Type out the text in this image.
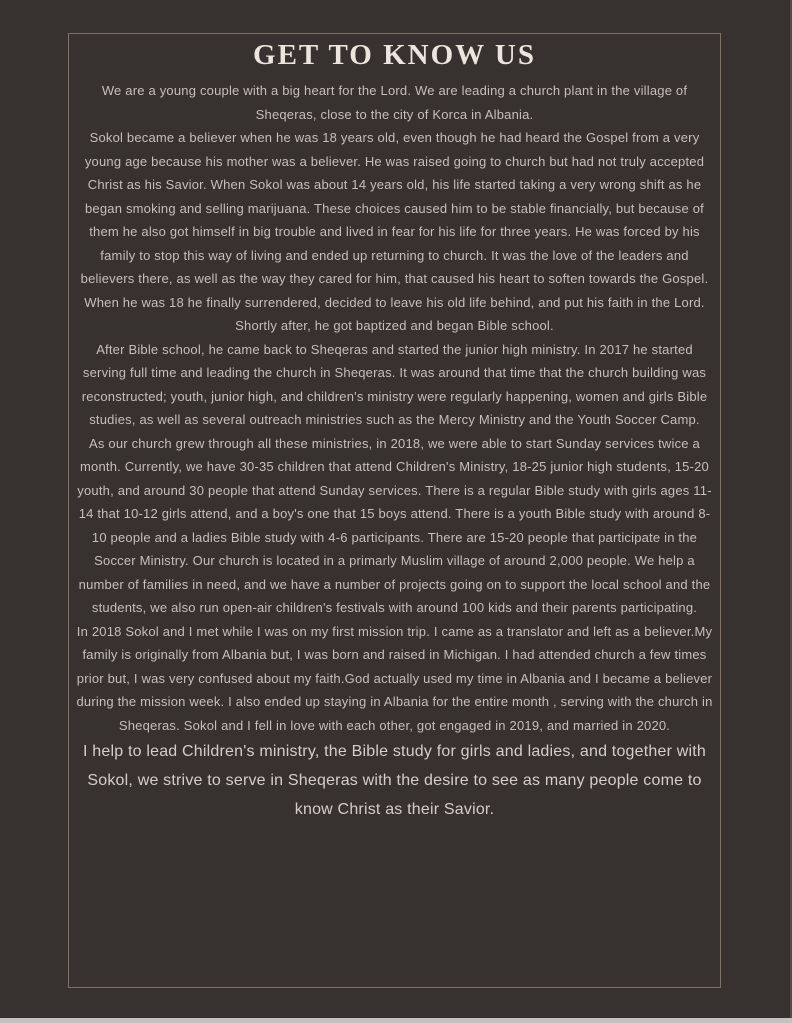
GET TO KNOW US

We are a young couple with a big heart for the Lord. We are leading a church plant in the village of Sheqeras, close to the city of Korca in Albania.

Sokol became a believer when he was 18 years old, even though he had heard the Gospel from a very young age because his mother was a believer. He was raised going to church but had not truly accepted Christ as his Savior. When Sokol was about 14 years old, his life started taking a very wrong shift as he began smoking and selling marijuana. These choices caused him to be stable financially, but because of them he also got himself in big trouble and lived in fear for his life for three years. He was forced by his family to stop this way of living and ended up returning to church. It was the love of the leaders and believers there, as well as the way they cared for him, that caused his heart to soften towards the Gospel. When he was 18 he finally surrendered, decided to leave his old life behind, and put his faith in the Lord. Shortly after, he got baptized and began Bible school.

After Bible school, he came back to Sheqeras and started the junior high ministry. In 2017 he started serving full time and leading the church in Sheqeras. It was around that time that the church building was reconstructed; youth, junior high, and children's ministry were regularly happening, women and girls Bible studies, as well as several outreach ministries such as the Mercy Ministry and the Youth Soccer Camp.

As our church grew through all these ministries, in 2018, we were able to start Sunday services twice a month. Currently, we have 30-35 children that attend Children's Ministry, 18-25 junior high students, 15-20 youth, and around 30 people that attend Sunday services. There is a regular Bible study with girls ages 11-14 that 10-12 girls attend, and a boy's one that 15 boys attend. There is a youth Bible study with around 8-10 people and a ladies Bible study with 4-6 participants. There are 15-20 people that participate in the Soccer Ministry. Our church is located in a primarly Muslim village of around 2,000 people. We help a number of families in need, and we have a number of projects going on to support the local school and the students, we also run open-air children's festivals with around 100 kids and their parents participating.

In 2018 Sokol and I met while I was on my first mission trip. I came as a translator and left as a believer.My family is originally from Albania but, I was born and raised in Michigan. I had attended church a few times prior but, I was very confused about my faith.God actually used my time in Albania and I became a believer during the mission week. I also ended up staying in Albania for the entire month , serving with the church in Sheqeras. Sokol and I fell in love with each other, got engaged in 2019, and married in 2020.

I help to lead Children's ministry, the Bible study for girls and ladies, and together with Sokol, we strive to serve in Sheqeras with the desire to see as many people come to know Christ as their Savior.
